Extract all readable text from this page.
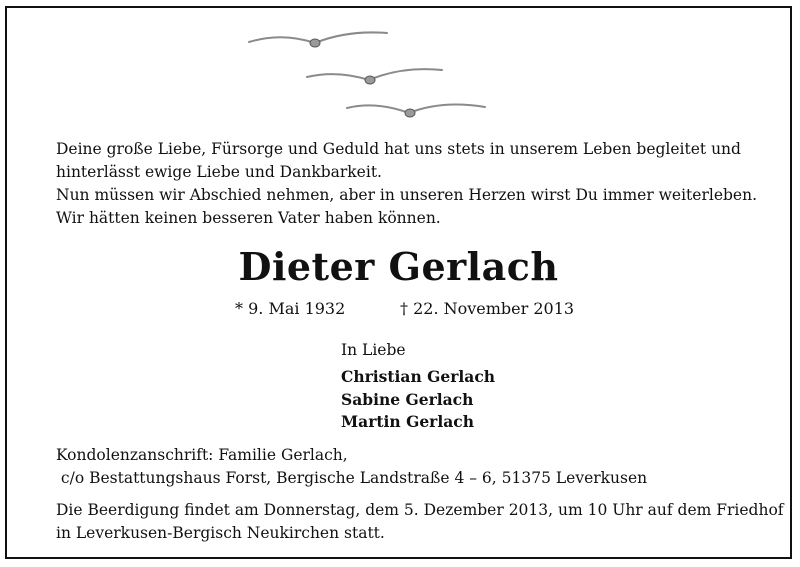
Deine große Liebe, Fürsorge und Geduld hat uns stets in unserem Leben begleitet und
hinterlässt ewige Liebe und Dankbarkeit.
Nun müssen wir Abschied nehmen, aber in unseren Herzen wirst Du immer weiterleben.
Wir hätten keinen besseren Vater haben können.
Dieter Gerlach
* 9. Mai 1932	† 22. November 2013
In Liebe
Christian Gerlach
Sabine Gerlach
Martin Gerlach
Kondolenzanschrift: Familie Gerlach,
c/o Bestattungshaus Forst, Bergische Landstraße 4 – 6, 51375 Leverkusen
Die Beerdigung findet am Donnerstag, dem 5. Dezember 2013, um 10 Uhr auf dem Friedhof
in Leverkusen-Bergisch Neukirchen statt.
